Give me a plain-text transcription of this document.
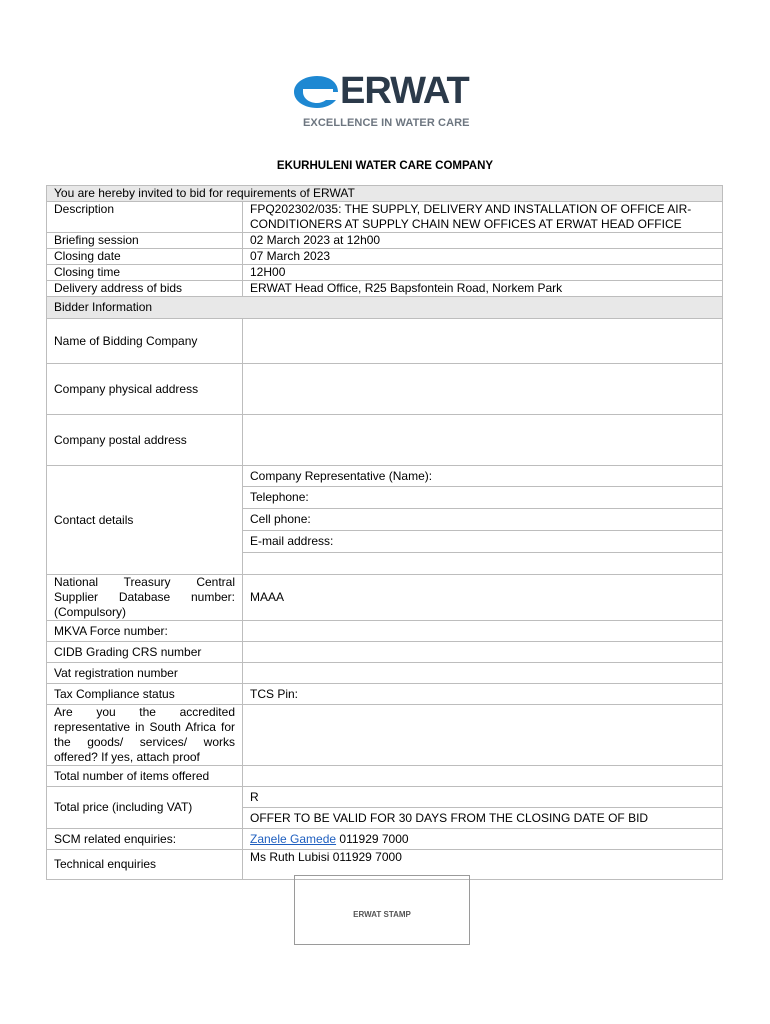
ERWAT
EXCELLENCE IN WATER CARE
EKURHULENI WATER CARE COMPANY
You are hereby invited to bid for requirements of ERWAT	
Description	FPQ202302/035: THE SUPPLY, DELIVERY AND INSTALLATION OF OFFICE AIR-CONDITIONERS AT SUPPLY CHAIN NEW OFFICES AT ERWAT HEAD OFFICE
Briefing session	02 March 2023 at 12h00
Closing date	07 March 2023
Closing time	12H00
Delivery address of bids	ERWAT Head Office, R25 Bapsfontein Road, Norkem Park
Bidder Information	
Name of Bidding Company	
Company physical address	
Company postal address	
Contact details	Company Representative (Name):
	Telephone:
	Cell phone:
	E-mail address:

National Treasury Central Supplier Database number: (Compulsory)	MAAA
MKVA Force number:	
CIDB Grading CRS number	
Vat registration number	
Tax Compliance status	TCS Pin:
Are you the accredited representative in South Africa for the goods/ services/ works offered? If yes, attach proof	
Total number of items offered	
Total price (including VAT)	R
	OFFER TO BE VALID FOR 30 DAYS FROM THE CLOSING DATE OF BID
SCM related enquiries:	Zanele Gamede 011929 7000
Technical enquiries	Ms Ruth Lubisi 011929 7000
ERWAT STAMP
